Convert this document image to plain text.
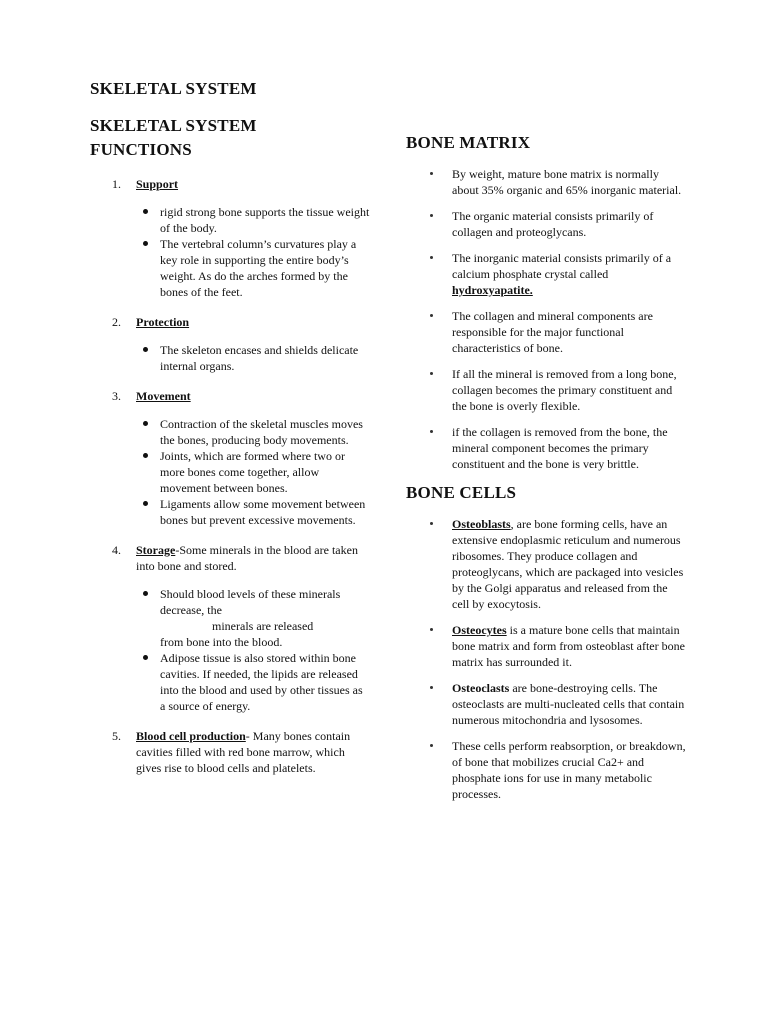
SKELETAL SYSTEM
SKELETAL SYSTEM
FUNCTIONS
1. Support
rigid strong bone supports the tissue weight of the body.
The vertebral column’s curvatures play a key role in supporting the entire body’s weight. As do the arches formed by the bones of the feet.
2. Protection
The skeleton encases and shields delicate internal organs.
3. Movement
Contraction of the skeletal muscles moves the bones, producing body movements.
Joints, which are formed where two or more bones come together, allow movement between bones.
Ligaments allow some movement between bones but prevent excessive movements.
4. Storage-Some minerals in the blood are taken into bone and stored.
Should blood levels of these minerals decrease, the
minerals are released
from bone into the blood.
Adipose tissue is also stored within bone cavities. If needed, the lipids are released into the blood and used by other tissues as a source of energy.
5. Blood cell production- Many bones contain cavities filled with red bone marrow, which gives rise to blood cells and platelets.
BONE MATRIX
By weight, mature bone matrix is normally about 35% organic and 65% inorganic material.
The organic material consists primarily of collagen and proteoglycans.
The inorganic material consists primarily of a calcium phosphate crystal called  hydroxyapatite.
The collagen and mineral components are responsible for the major functional characteristics of bone.
If all the mineral is removed from a long bone, collagen becomes the primary constituent and the bone is overly flexible.
if the collagen is removed from the bone, the mineral component becomes the primary constituent and the bone is very brittle.
BONE CELLS
Osteoblasts, are bone forming cells, have an extensive endoplasmic reticulum and numerous ribosomes. They produce collagen and proteoglycans, which are packaged into vesicles by the Golgi apparatus and released from the cell by exocytosis.
Osteocytes is a mature bone cells that maintain bone matrix and form from osteoblast after bone matrix has surrounded it.
Osteoclasts are bone-destroying cells. The osteoclasts are multi-nucleated cells that contain numerous mitochondria and lysosomes.
These cells perform reabsorption, or breakdown, of bone that mobilizes crucial Ca2+ and phosphate ions for use in many metabolic processes.
